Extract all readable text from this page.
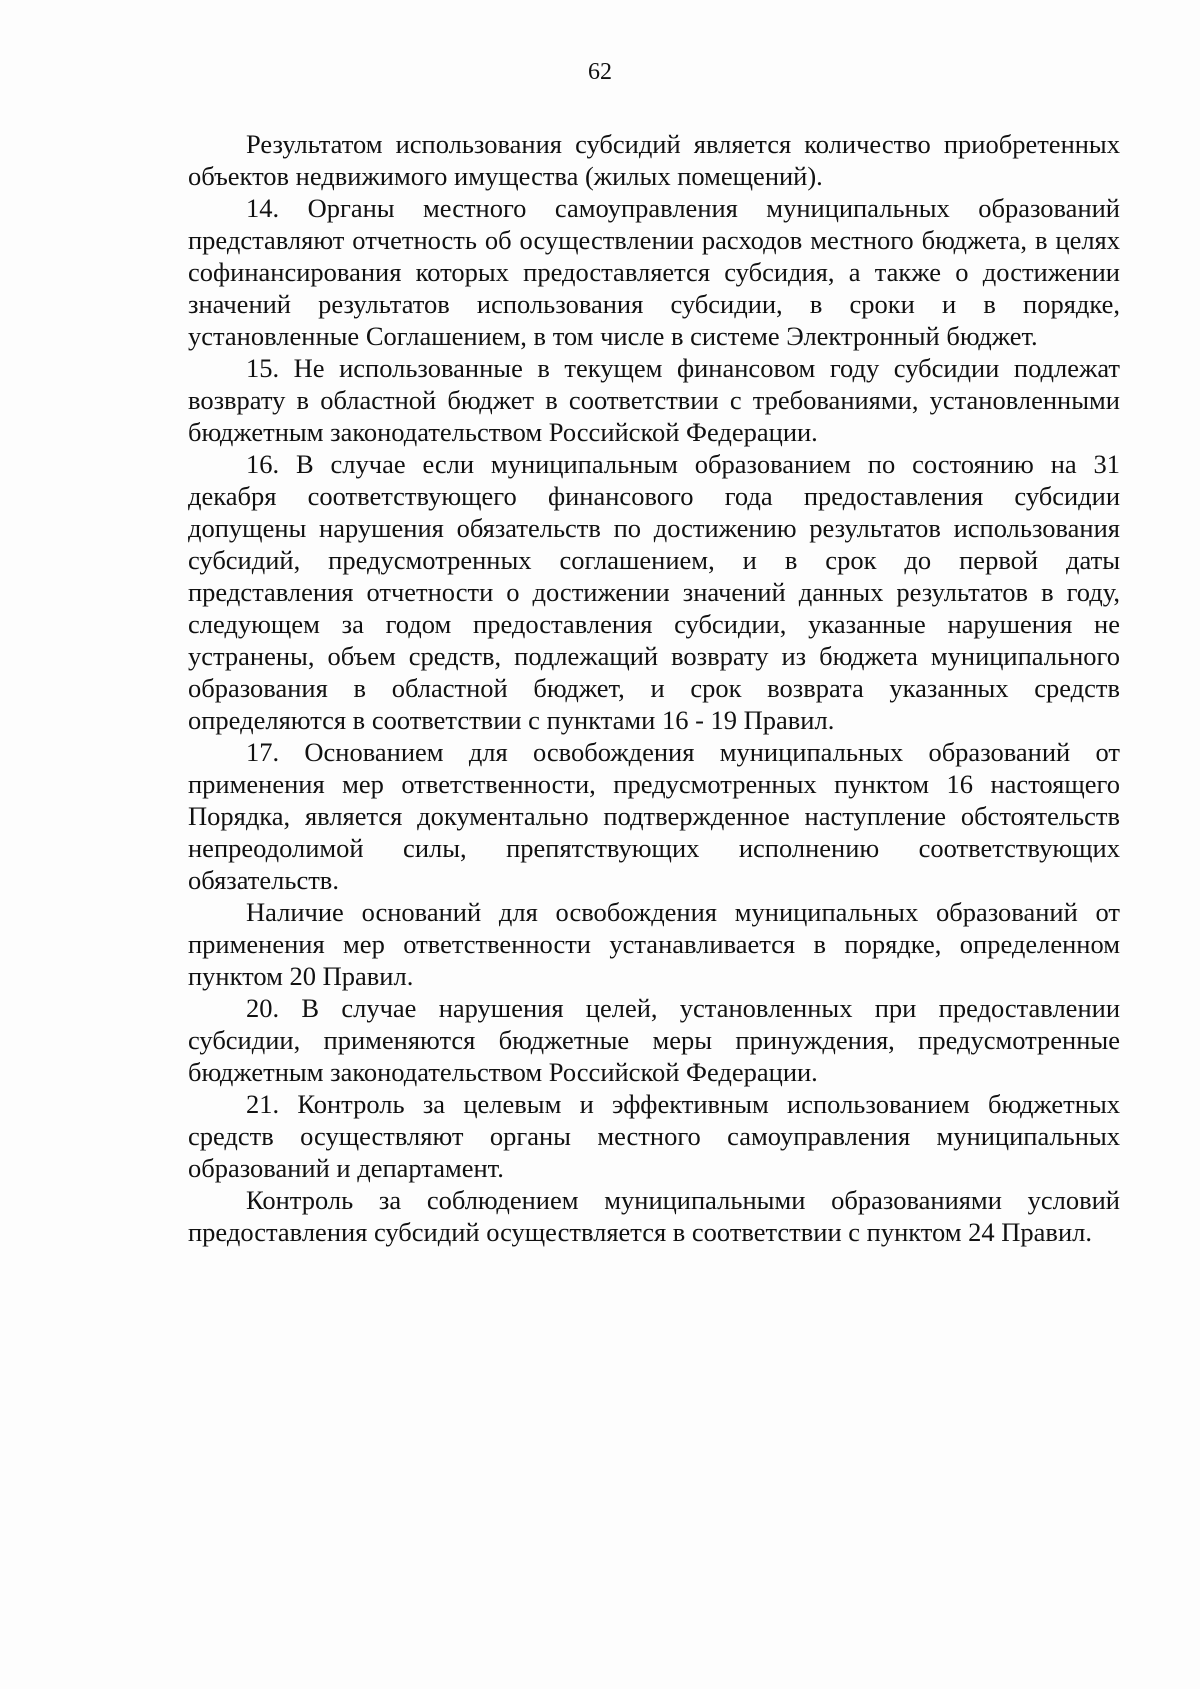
62

Результатом использования субсидий является количество приобретенных объектов недвижимого имущества (жилых помещений).

14. Органы местного самоуправления муниципальных образований представляют отчетность об осуществлении расходов местного бюджета, в целях софинансирования которых предоставляется субсидия, а также о достижении значений результатов использования субсидии, в сроки и в порядке, установленные Соглашением, в том числе в системе Электронный бюджет.

15. Не использованные в текущем финансовом году субсидии подлежат возврату в областной бюджет в соответствии с требованиями, установленными бюджетным законодательством Российской Федерации.

16. В случае если муниципальным образованием по состоянию на 31 декабря соответствующего финансового года предоставления субсидии допущены нарушения обязательств по достижению результатов использования субсидий, предусмотренных соглашением, и в срок до первой даты представления отчетности о достижении значений данных результатов в году, следующем за годом предоставления субсидии, указанные нарушения не устранены, объем средств, подлежащий возврату из бюджета муниципального образования в областной бюджет, и срок возврата указанных средств определяются в соответствии с пунктами 16 - 19 Правил.

17. Основанием для освобождения муниципальных образований от применения мер ответственности, предусмотренных пунктом 16 настоящего Порядка, является документально подтвержденное наступление обстоятельств непреодолимой силы, препятствующих исполнению соответствующих обязательств.

Наличие оснований для освобождения муниципальных образований от применения мер ответственности устанавливается в порядке, определенном пунктом 20 Правил.

20. В случае нарушения целей, установленных при предоставлении субсидии, применяются бюджетные меры принуждения, предусмотренные бюджетным законодательством Российской Федерации.

21. Контроль за целевым и эффективным использованием бюджетных средств осуществляют органы местного самоуправления муниципальных образований и департамент.

Контроль за соблюдением муниципальными образованиями условий предоставления субсидий осуществляется в соответствии с пунктом 24 Правил.
